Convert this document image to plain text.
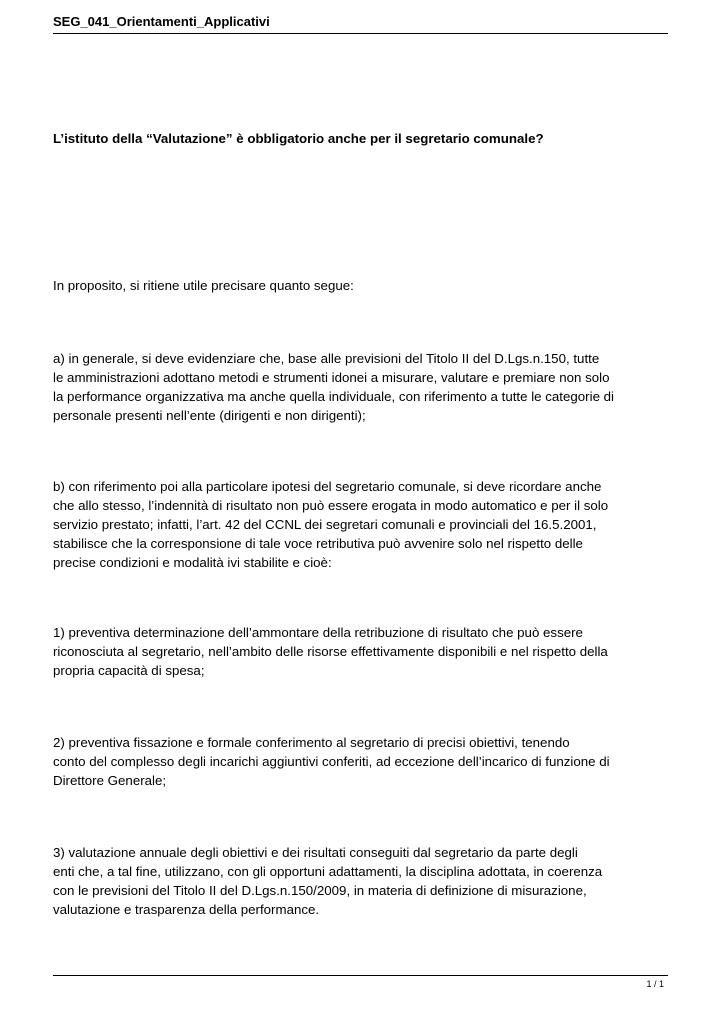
SEG_041_Orientamenti_Applicativi
L’istituto della “Valutazione” è obbligatorio anche per il segretario comunale?
In proposito, si ritiene utile precisare quanto segue:
a) in generale, si deve evidenziare che, base alle previsioni del Titolo II del D.Lgs.n.150, tutte
le amministrazioni adottano metodi e strumenti idonei a misurare, valutare e premiare non solo
la performance organizzativa ma anche quella individuale, con riferimento a tutte le categorie di
personale presenti nell’ente (dirigenti e non dirigenti);
b) con riferimento poi alla particolare ipotesi del segretario comunale, si deve ricordare anche
che allo stesso, l’indennità di risultato non può essere erogata in modo automatico e per il solo
servizio prestato; infatti, l’art. 42 del CCNL dei segretari comunali e provinciali del 16.5.2001,
stabilisce che la corresponsione di tale voce retributiva può avvenire solo nel rispetto delle
precise condizioni e modalità ivi stabilite e cioè:
1) preventiva determinazione dell’ammontare della retribuzione di risultato che può essere
riconosciuta al segretario, nell’ambito delle risorse effettivamente disponibili e nel rispetto della
propria capacità di spesa;
2) preventiva fissazione e formale conferimento al segretario di precisi obiettivi, tenendo
conto del complesso degli incarichi aggiuntivi conferiti, ad eccezione dell’incarico di funzione di
Direttore Generale;
3) valutazione annuale degli obiettivi e dei risultati conseguiti dal segretario da parte degli
enti che, a tal fine, utilizzano, con gli opportuni adattamenti, la disciplina adottata, in coerenza
con le previsioni del Titolo II del D.Lgs.n.150/2009, in materia di definizione di misurazione,
valutazione e trasparenza della performance.
1 / 1
